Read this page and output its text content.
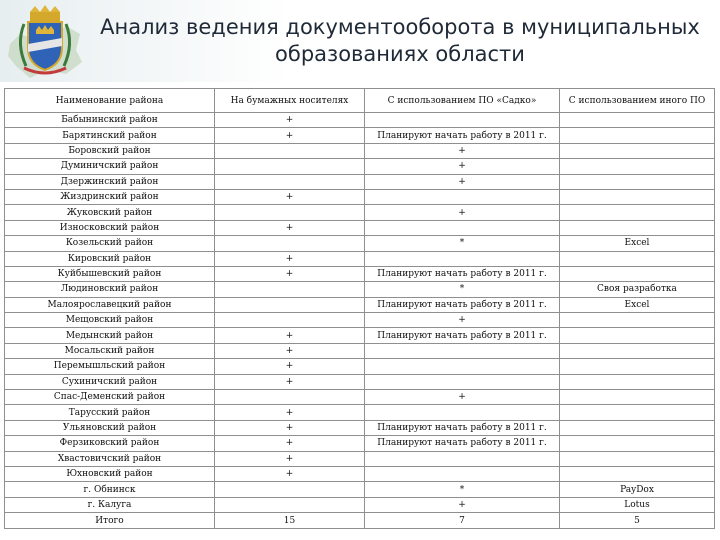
Анализ ведения документооборота в муниципальных
образованиях области
Наименование района	На бумажных носителях	С использованием ПО «Садко»	С использованием иного ПО
Бабынинский район	+		
Барятинский район	+	Планируют начать работу в 2011 г.	
Боровский район		+	
Думиничский район		+	
Дзержинский район		+	
Жиздринский район	+		
Жуковский район		+	
Износковский район	+		
Козельский район		*	Excel
Кировский район	+		
Куйбышевский район	+	Планируют начать работу в 2011 г.	
Людиновский район		*	Своя разработка
Малоярославецкий район		Планируют начать работу в 2011 г.	Excel
Мещовский район		+	
Медынский район	+	Планируют начать работу в 2011 г.	
Мосальский район	+		
Перемышльский район	+		
Сухиничский район	+		
Спас-Деменский район		+	
Тарусский район	+		
Ульяновский район	+	Планируют начать работу в 2011 г.	
Ферзиковский район	+	Планируют начать работу в 2011 г.	
Хвастовичский район	+		
Юхновский район	+		
г. Обнинск		*	PayDox
г. Калуга		+	Lotus
Итого	15	7	5
